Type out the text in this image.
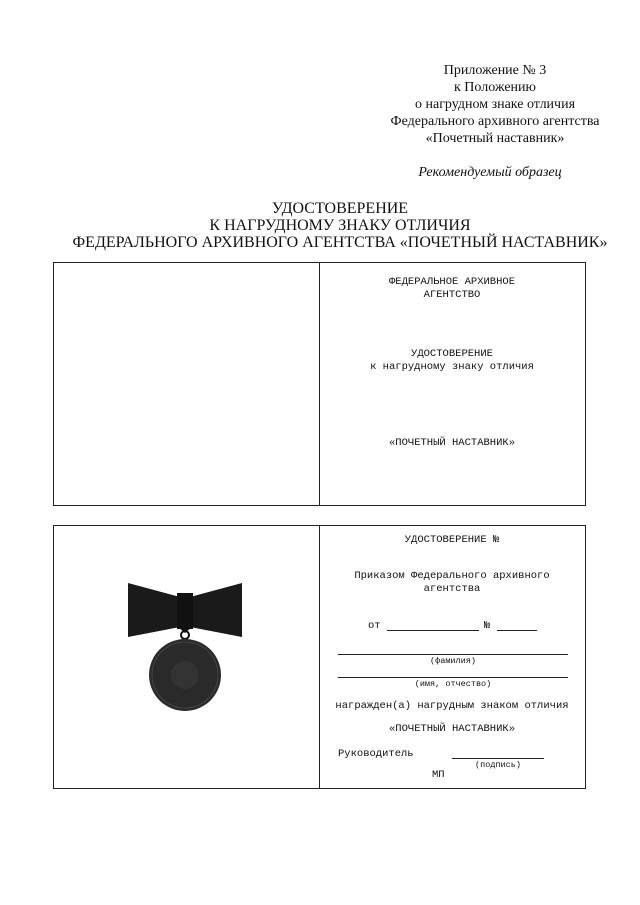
Приложение № 3
к Положению
о нагрудном знаке отличия
Федерального архивного агентства
«Почетный наставник»
Рекомендуемый образец
УДОСТОВЕРЕНИЕ
К НАГРУДНОМУ ЗНАКУ ОТЛИЧИЯ
ФЕДЕРАЛЬНОГО АРХИВНОГО АГЕНТСТВА «ПОЧЕТНЫЙ НАСТАВНИК»
ФЕДЕРАЛЬНОЕ АРХИВНОЕ
АГЕНТСТВО
УДОСТОВЕРЕНИЕ
к нагрудному знаку отличия
«ПОЧЕТНЫЙ НАСТАВНИК»
УДОСТОВЕРЕНИЕ №
Приказом Федерального архивного
агентства
от	№
(фамилия)
(имя, отчество)
награжден(а) нагрудным знаком отличия
«ПОЧЕТНЫЙ НАСТАВНИК»
Руководитель
(подпись)
МП
